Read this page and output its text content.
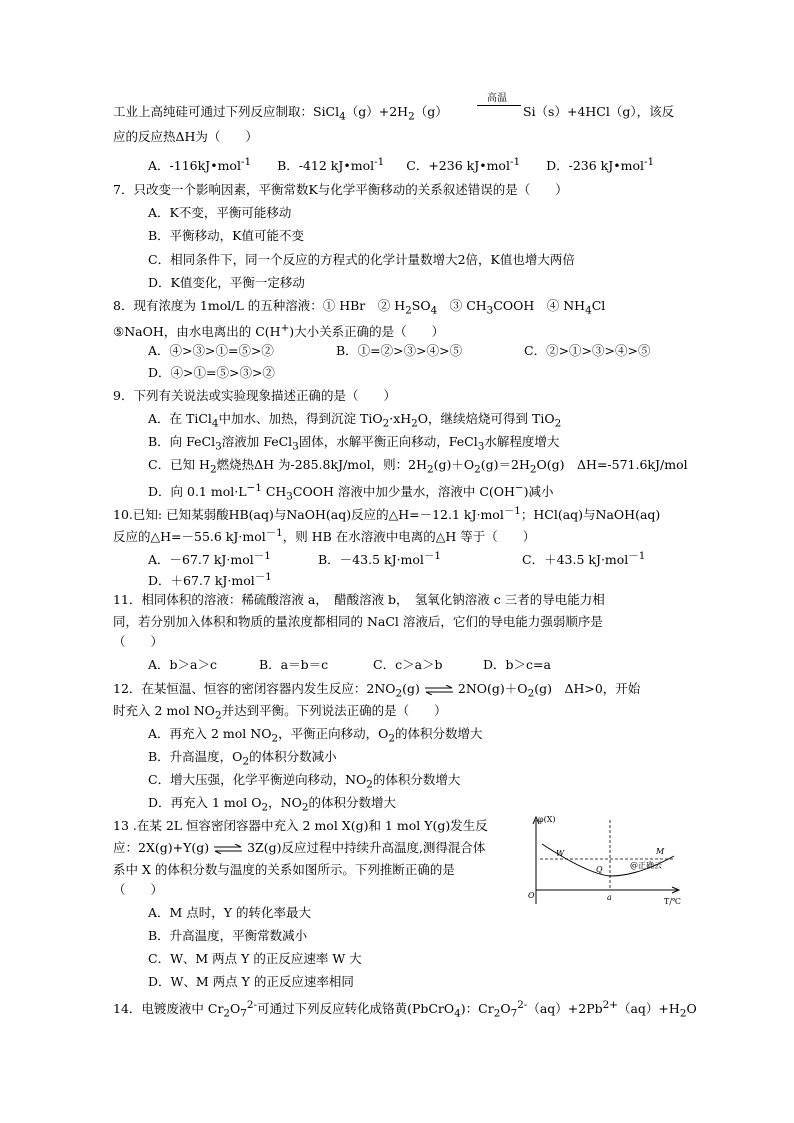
工业上高纯硅可通过下列反应制取：$SiCl_4(g)+2H_2(g)$
高温
Si（s）+4HCl（g），该反
应的反应热ΔH为（　　）
A．-116kJ•mol$^{-1}$ B．-412 kJ•mol$^{-1}$ C．+236 kJ•mol$^{-1}$ D．-236 kJ•mol$^{-1}$
7．只改变一个影响因素，平衡常数K与化学平衡移动的关系叙述错误的是（　　）
A．K不变，平衡可能移动
B．平衡移动，K值可能不变
C．相同条件下，同一个反应的方程式的化学计量数增大2倍，K值也增大两倍
D．K值变化，平衡一定移动
8．现有浓度为 1mol/L 的五种溶液：① HBr　② $H_2SO_4$　③ $CH_3COOH$　④ $NH_4Cl$
⑤NaOH，由水电离出的 C(H+)大小关系正确的是（　　）
A．④>③>①=⑤>②	B．①=②>③>④>⑤	C．②>①>③>④>⑤
D．④>①=⑤>③>②
9．下列有关说法或实验现象描述正确的是（　　）
A．在 TiCl$_4$中加水、加热，得到沉淀 $TiO_2\cdot xH_2O$，继续焙烧可得到 TiO$_2$
B．向 FeCl$_3$溶液加 FeCl$_3$固体，水解平衡正向移动，FeCl$_3$水解程度增大
C．已知 $H_2$燃烧热ΔH 为-285.8kJ/mol，则：$2H_2(g)+O_2(g)=2H_2O(g)$　ΔH=-571.6kJ/mol
D．向 0.1 $mol\cdot L^{-1}$ $CH_3COOH$ 溶液中加少量水，溶液中 C(OH−)减小
10.已知: 已知某弱酸HB(aq)与NaOH(aq)反应的△H=－12.1 kJ·mol$^{-1}$；HCl(aq)与NaOH(aq)
反应的△H=－55.6 kJ·mol$^{-1}$，则 HB 在水溶液中电离的△H 等于（　　）
A．－67.7 kJ·mol$^{-1}$	B．－43.5 kJ·mol$^{-1}$	C．＋43.5 kJ·mol$^{-1}$
D．＋67.7 kJ·mol$^{-1}$
11．相同体积的溶液：稀硫酸溶液 a，　醋酸溶液 b，　氢氧化钠溶液 c 三者的导电能力相
同，若分别加入体积和物质的量浓度都相同的 NaCl 溶液后，它们的导电能力强弱顺序是
（　　）
A．b＞a＞c	B．a＝b＝c	C．c＞a＞b	D．b＞c=a
12．在某恒温、恒容的密闭容器内发生反应：$2NO_2(g)$ ⇌ $2NO(g)+O_2(g)$　ΔH>0，开始
时充入 2 mol $NO_2$并达到平衡。下列说法正确的是（　　）
A．再充入 2 mol $NO_2$，平衡正向移动，$O_2$的体积分数增大
B．升高温度，$O_2$的体积分数减小
C．增大压强，化学平衡逆向移动，$NO_2$的体积分数增大
D．再充入 1 mol $O_2$，$NO_2$的体积分数增大
13 .在某 2L 恒容密闭容器中充入 2 mol X(g)和 1 mol Y(g)发生反
应：2X(g)+Y(g) ⇌ 3Z(g)反应过程中持续升高温度,测得混合体
系中 X 的体积分数与温度的关系如图所示。下列推断正确的是
（　　）
A．M 点时，Y 的转化率最大
B．升高温度，平衡常数减小
C．W、M 两点 Y 的正反应速率 W 大
D．W、M 两点 Y 的正反应速率相同
φ(X)
T/℃
O	a
W
Q
M
@正确云
14．电镀废液中 $Cr_2O_7^{2-}$可通过下列反应转化成铬黄(PbCrO$_4$)：$Cr_2O_7^{2-}(aq)+2Pb^{2+}(aq)+H_2O$
